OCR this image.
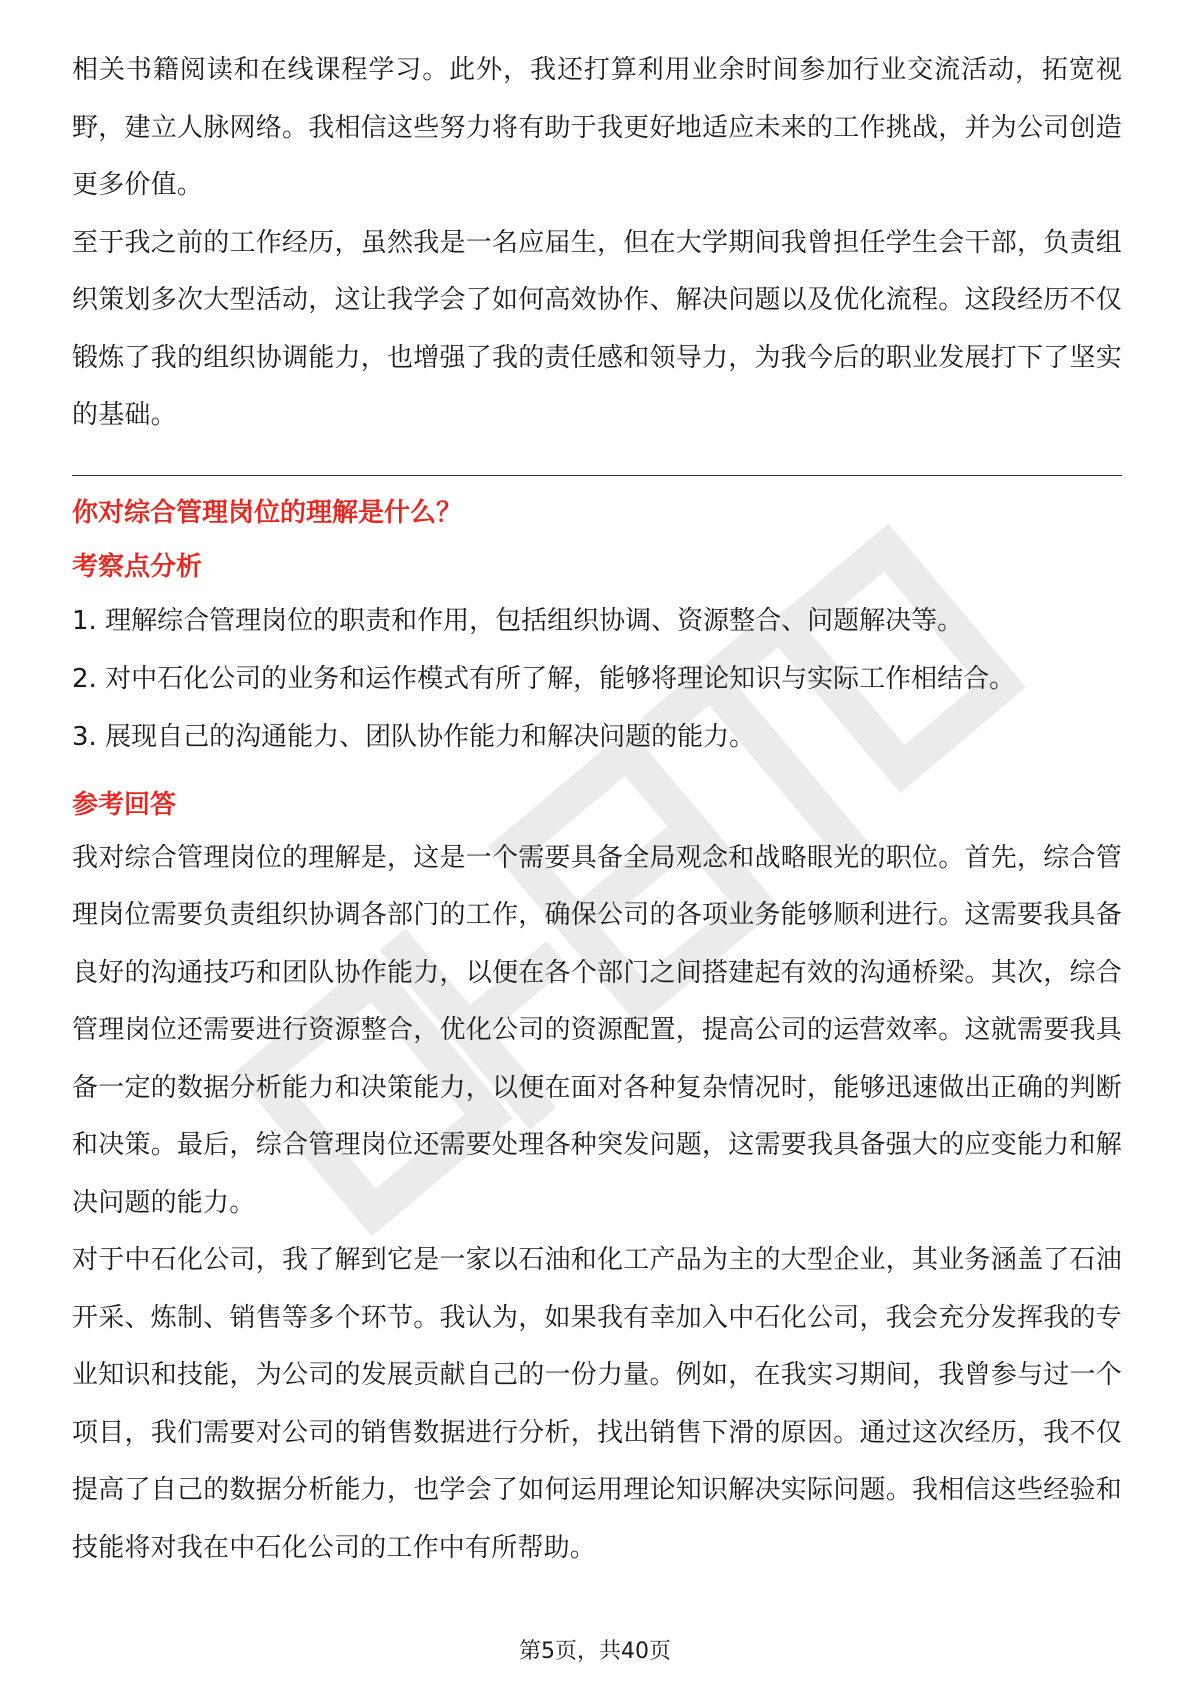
相关书籍阅读和在线课程学习。此外，我还打算利用业余时间参加行业交流活动，拓宽视野，建立人脉网络。我相信这些努力将有助于我更好地适应未来的工作挑战，并为公司创造更多价值。

至于我之前的工作经历，虽然我是一名应届生，但在大学期间我曾担任学生会干部，负责组织策划多次大型活动，这让我学会了如何高效协作、解决问题以及优化流程。这段经历不仅锻炼了我的组织协调能力，也增强了我的责任感和领导力，为我今后的职业发展打下了坚实的基础。

你对综合管理岗位的理解是什么？

考察点分析

1. 理解综合管理岗位的职责和作用，包括组织协调、资源整合、问题解决等。

2. 对中石化公司的业务和运作模式有所了解，能够将理论知识与实际工作相结合。

3. 展现自己的沟通能力、团队协作能力和解决问题的能力。

参考回答

我对综合管理岗位的理解是，这是一个需要具备全局观念和战略眼光的职位。首先，综合管理岗位需要负责组织协调各部门的工作，确保公司的各项业务能够顺利进行。这需要我具备良好的沟通技巧和团队协作能力，以便在各个部门之间搭建起有效的沟通桥梁。其次，综合管理岗位还需要进行资源整合，优化公司的资源配置，提高公司的运营效率。这就需要我具备一定的数据分析能力和决策能力，以便在面对各种复杂情况时，能够迅速做出正确的判断和决策。最后，综合管理岗位还需要处理各种突发问题，这需要我具备强大的应变能力和解决问题的能力。

对于中石化公司，我了解到它是一家以石油和化工产品为主的大型企业，其业务涵盖了石油开采、炼制、销售等多个环节。我认为，如果我有幸加入中石化公司，我会充分发挥我的专业知识和技能，为公司的发展贡献自己的一份力量。例如，在我实习期间，我曾参与过一个项目，我们需要对公司的销售数据进行分析，找出销售下滑的原因。通过这次经历，我不仅提高了自己的数据分析能力，也学会了如何运用理论知识解决实际问题。我相信这些经验和技能将对我在中石化公司的工作中有所帮助。

第5页，共40页
